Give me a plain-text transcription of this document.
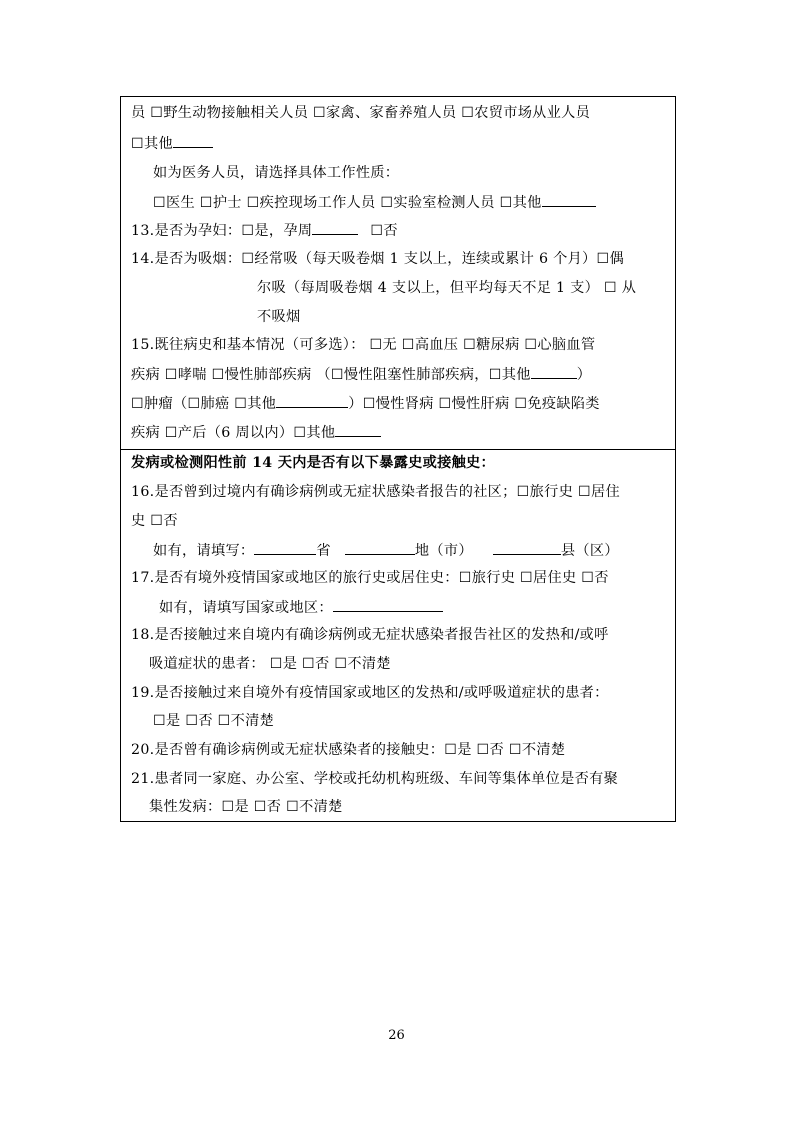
员 ☐野生动物接触相关人员 ☐家禽、家畜养殖人员 ☐农贸市场从业人员
☐其他
如为医务人员，请选择具体工作性质：
☐医生 ☐护士 ☐疾控现场工作人员 ☐实验室检测人员 ☐其他
13.是否为孕妇：☐是，孕周	☐否
14.是否为吸烟：☐经常吸（每天吸卷烟 1 支以上，连续或累计 6 个月）☐偶
尔吸（每周吸卷烟 4 支以上，但平均每天不足 1 支） ☐ 从
不吸烟
15.既往病史和基本情况（可多选）： ☐无 ☐高血压 ☐糖尿病 ☐心脑血管
疾病 ☐哮喘 ☐慢性肺部疾病 （☐慢性阻塞性肺部疾病，☐其他	）
☐肿瘤（☐肺癌 ☐其他	）☐慢性肾病 ☐慢性肝病 ☐免疫缺陷类
疾病 ☐产后（6 周以内）☐其他
发病或检测阳性前 14 天内是否有以下暴露史或接触史：
16.是否曾到过境内有确诊病例或无症状感染者报告的社区；☐旅行史 ☐居住
史 ☐否
如有，请填写：	省	地（市）	县（区）
17.是否有境外疫情国家或地区的旅行史或居住史：☐旅行史 ☐居住史 ☐否
如有，请填写国家或地区：
18.是否接触过来自境内有确诊病例或无症状感染者报告社区的发热和/或呼
吸道症状的患者： ☐是 ☐否 ☐不清楚
19.是否接触过来自境外有疫情国家或地区的发热和/或呼吸道症状的患者：
☐是 ☐否 ☐不清楚
20.是否曾有确诊病例或无症状感染者的接触史：☐是 ☐否 ☐不清楚
21.患者同一家庭、办公室、学校或托幼机构班级、车间等集体单位是否有聚
集性发病：☐是 ☐否 ☐不清楚
26
